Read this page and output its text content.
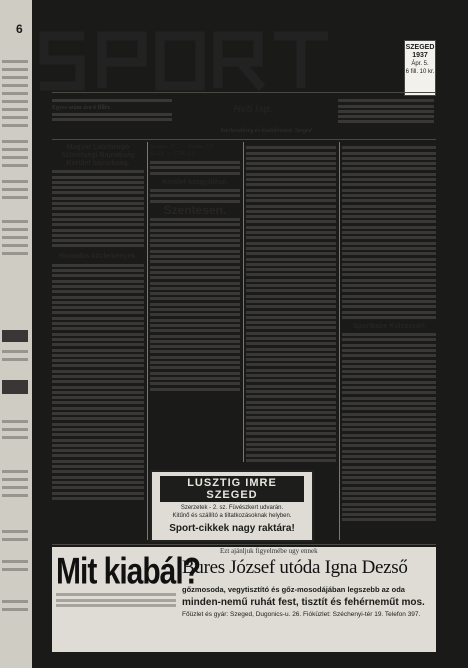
6
SZEGED
1937
Ápr. 5.
6 fill. 10 kr.
Egyes szám ára 6 fillér.	Heti lap.
Szerkesztőség és kiadóhivatal: Szeged
Magyar Labdarúgó Szövetségi Bajnokság Kerület bajnokság.
Hivatalos közlemények.
Szeged. FC. — Postás 3:2
SzAK — ETK 2:1
Kerület közgyűlése.
Szentesen.
Sportkabe Kolozsvárt
LUSZTIG IMRE SZEGED
Szerzetek - 2. sz. Füvészkert udvarán.
Kitűnő és szállító a tiltatkozásoknak helyben.
Sport-cikkek nagy raktára!
Ezt ajánljuk figyelmébe ugy ennek
Mit kiabál?
Bures József utóda Igna Dezső
gőzmosoda, vegytisztító és gőz-mosodájában legszebb az oda
minden-nemű ruhát fest, tisztít és fehérneműt mos.
Főüzlet és gyár: Szeged, Dugonics-u. 26. Fióküzlet: Széchenyi-tér 19. Telefon 397.
